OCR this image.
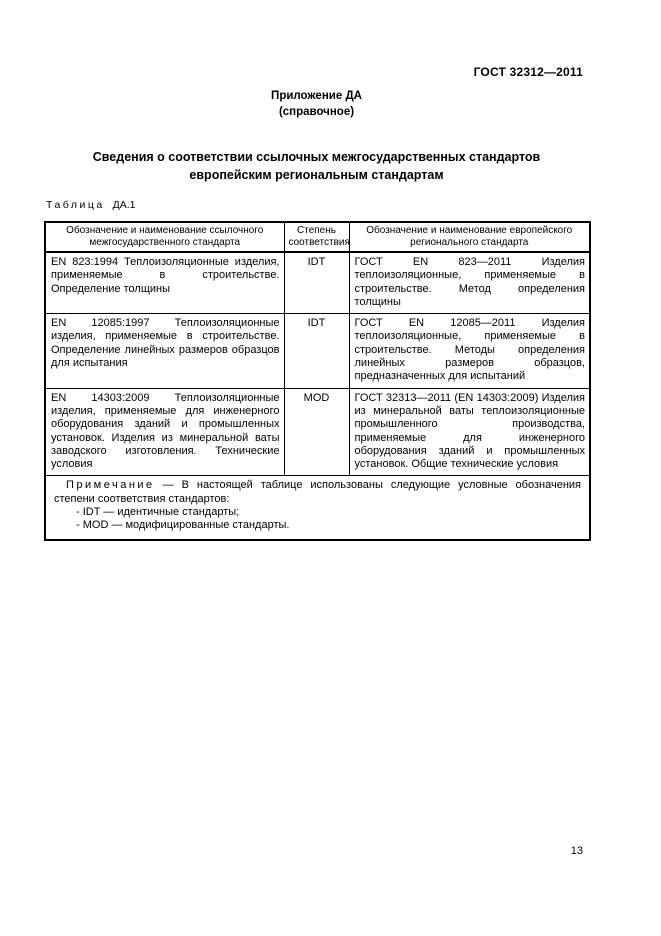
ГОСТ 32312—2011
Приложение ДА
(справочное)
Сведения о соответствии ссылочных межгосударственных стандартов
европейским региональным стандартам
Таблица ДА.1
Обозначение и наименование ссылочного межгосударственного стандарта	Степень соответствия	Обозначение и наименование европейского регионального стандарта
EN 823:1994 Теплоизоляционные изделия, применяемые в строительстве. Определение толщины	IDT	ГОСТ EN 823—2011 Изделия теплоизоляционные, применяемые в строительстве. Метод определения толщины
EN 12085:1997 Теплоизоляционные изделия, применяемые в строительстве. Определение линейных размеров образцов для испытания	IDT	ГОСТ EN 12085—2011 Изделия теплоизоляционные, применяемые в строительстве. Методы определения линейных размеров образцов, предназначенных для испытаний
EN 14303:2009 Теплоизоляционные изделия, применяемые для инженерного оборудования зданий и промышленных установок. Изделия из минеральной ваты заводского изготовления. Технические условия	MOD	ГОСТ 32313—2011 (EN 14303:2009) Изделия из минеральной ваты теплоизоляционные промышленного производства, применяемые для инженерного оборудования зданий и промышленных установок. Общие технические условия

Примечание — В настоящей таблице использованы следующие условные обозначения степени соответствия стандартов:
- IDT — идентичные стандарты;
- MOD — модифицированные стандарты.		
13
